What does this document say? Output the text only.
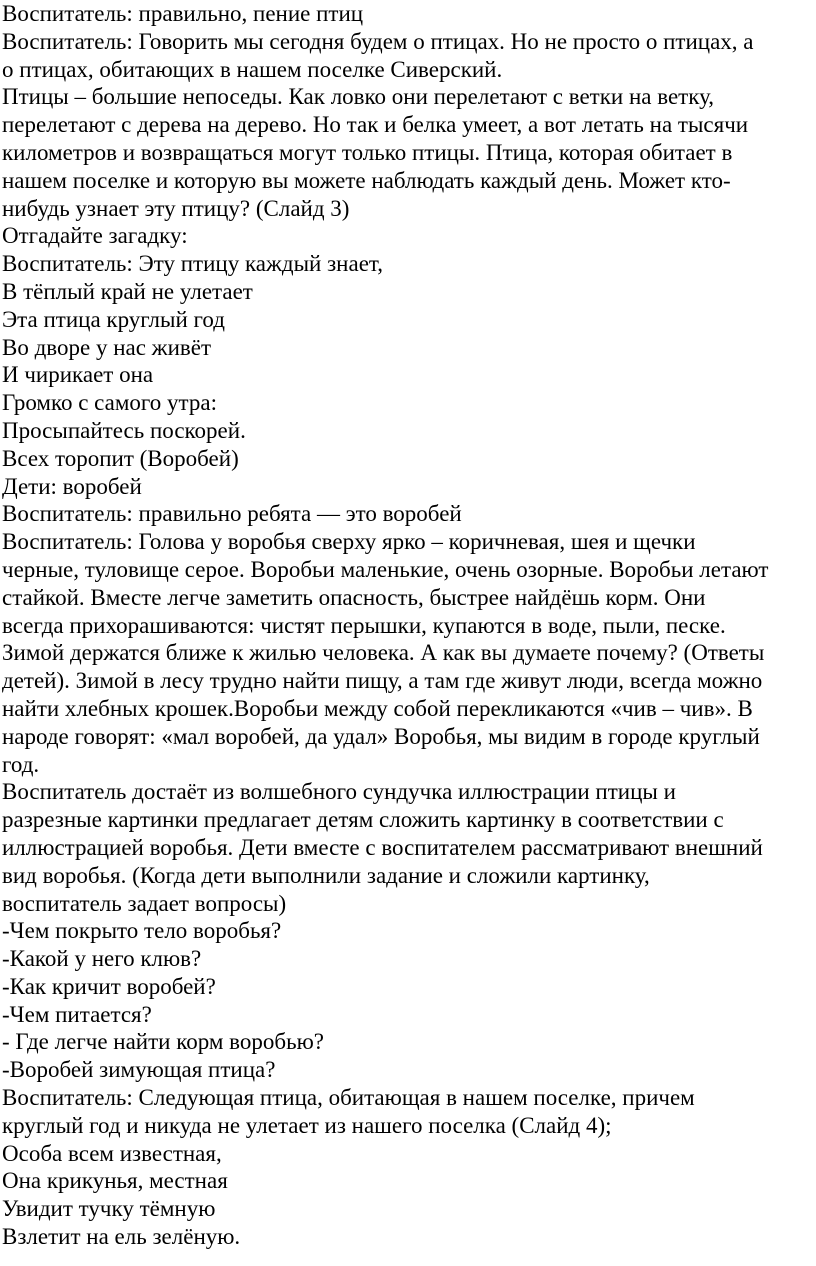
Воспитатель: правильно, пение птиц

Воспитатель: Говорить мы сегодня будем о птицах. Но не просто о птицах, а

о птицах, обитающих в нашем поселке Сиверский.

Птицы – большие непоседы. Как ловко они перелетают с ветки на ветку,

перелетают с дерева на дерево. Но так и белка умеет, а вот летать на тысячи

километров и возвращаться могут только птицы. Птица, которая обитает в

нашем поселке и которую вы можете наблюдать каждый день. Может кто-

нибудь узнает эту птицу? (Слайд 3)

Отгадайте загадку:

Воспитатель: Эту птицу каждый знает,

В тёплый край не улетает

Эта птица круглый год

Во дворе у нас живёт

И чирикает она

Громко с самого утра:

Просыпайтесь поскорей.

Всех торопит (Воробей)

Дети: воробей

Воспитатель: правильно ребята — это воробей

Воспитатель: Голова у воробья сверху ярко – коричневая, шея и щечки

черные, туловище серое. Воробьи маленькие, очень озорные. Воробьи летают

стайкой. Вместе легче заметить опасность, быстрее найдёшь корм. Они

всегда прихорашиваются: чистят перышки, купаются в воде, пыли, песке.

Зимой держатся ближе к жилью человека. А как вы думаете почему? (Ответы

детей). Зимой в лесу трудно найти пищу, а там где живут люди, всегда можно

найти хлебных крошек.Воробьи между собой перекликаются «чив – чив». В

народе говорят: «мал воробей, да удал» Воробья, мы видим в городе круглый

год.

Воспитатель достаёт из волшебного сундучка иллюстрации птицы и

разрезные картинки предлагает детям сложить картинку в соответствии с

иллюстрацией воробья. Дети вместе с воспитателем рассматривают внешний

вид воробья. (Когда дети выполнили задание и сложили картинку,

воспитатель задает вопросы)

-Чем покрыто тело воробья?

-Какой у него клюв?

-Как кричит воробей?

-Чем питается?

- Где легче найти корм воробью?

-Воробей зимующая птица?

Воспитатель: Следующая птица, обитающая в нашем поселке, причем

круглый год и никуда не улетает из нашего поселка (Слайд 4);

Особа всем известная,

Она крикунья, местная

Увидит тучку тёмную

Взлетит на ель зелёную.
